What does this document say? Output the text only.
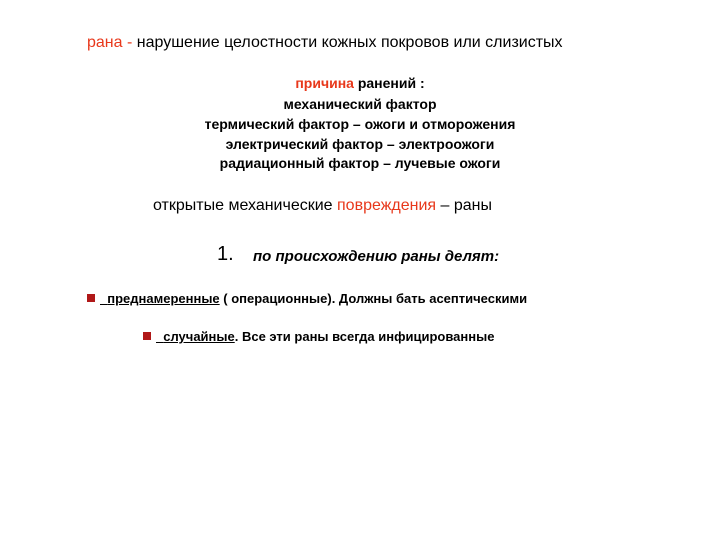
рана - нарушение целостности кожных покровов или слизистых
причина ранений :
механический фактор
термический фактор – ожоги и отморожения
электрический фактор – электроожоги
радиационный фактор – лучевые ожоги
открытые механические повреждения – раны
1. по происхождению раны делят:
преднамеренные ( операционные). Должны бать асептическими
случайные. Все эти раны всегда инфицированные
